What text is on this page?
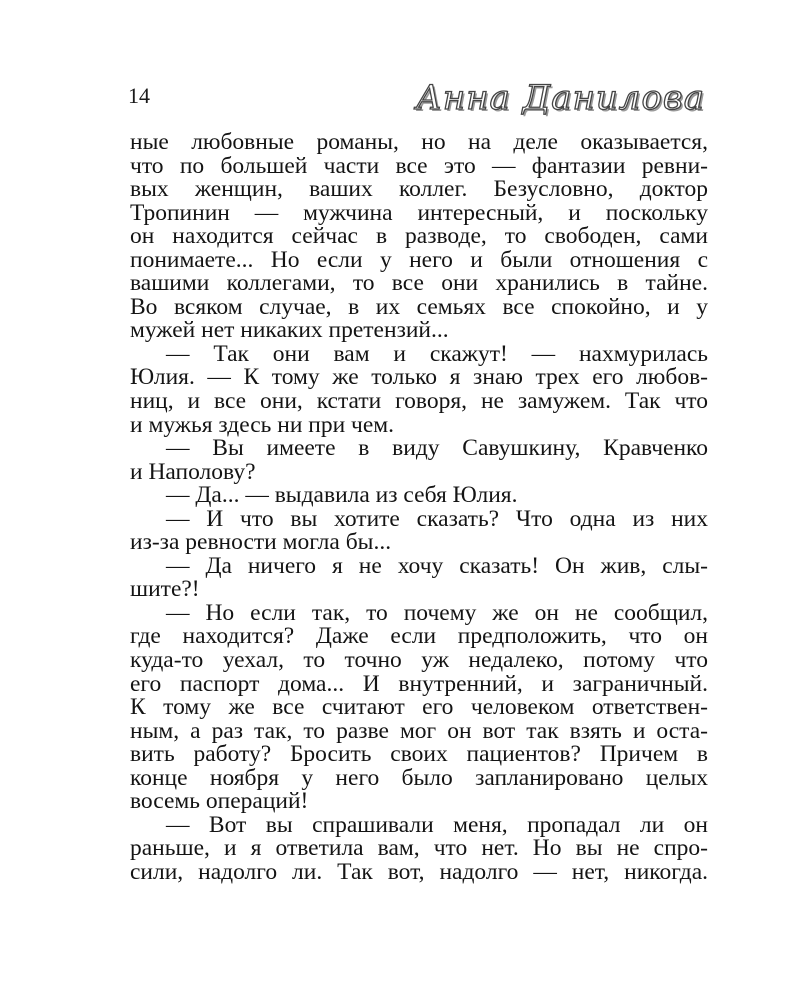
14	Анна Данилова
ные любовные романы, но на деле оказывается,
что по большей части все это — фантазии ревни-
вых женщин, ваших коллег. Безусловно, доктор
Тропинин — мужчина интересный, и поскольку
он находится сейчас в разводе, то свободен, сами
понимаете... Но если у него и были отношения с
вашими коллегами, то все они хранились в тайне.
Во всяком случае, в их семьях все спокойно, и у
мужей нет никаких претензий...
— Так они вам и скажут! — нахмурилась
Юлия. — К тому же только я знаю трех его любов-
ниц, и все они, кстати говоря, не замужем. Так что
и мужья здесь ни при чем.
— Вы имеете в виду Савушкину, Кравченко
и Наполову?
— Да... — выдавила из себя Юлия.
— И что вы хотите сказать? Что одна из них
из-за ревности могла бы...
— Да ничего я не хочу сказать! Он жив, слы-
шите?!
— Но если так, то почему же он не сообщил,
где находится? Даже если предположить, что он
куда-то уехал, то точно уж недалеко, потому что
его паспорт дома... И внутренний, и заграничный.
К тому же все считают его человеком ответствен-
ным, а раз так, то разве мог он вот так взять и оста-
вить работу? Бросить своих пациентов? Причем в
конце ноября у него было запланировано целых
восемь операций!
— Вот вы спрашивали меня, пропадал ли он
раньше, и я ответила вам, что нет. Но вы не спро-
сили, надолго ли. Так вот, надолго — нет, никогда.
